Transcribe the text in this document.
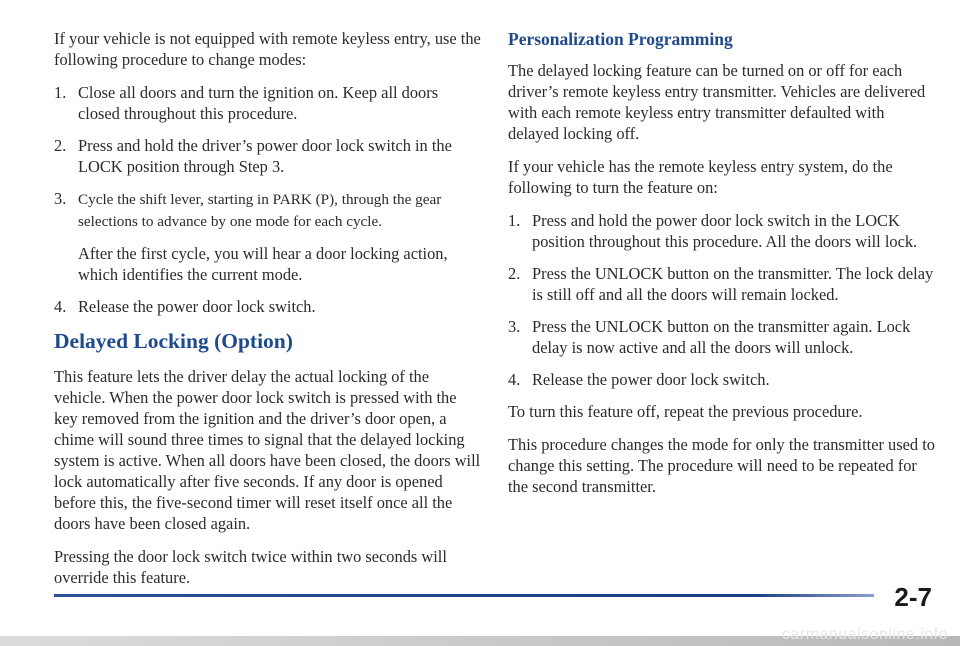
If your vehicle is not equipped with remote keyless entry, use the following procedure to change modes:

1. Close all doors and turn the ignition on. Keep all doors closed throughout this procedure.
2. Press and hold the driver’s power door lock switch in the LOCK position through Step 3.
3. Cycle the shift lever, starting in PARK (P), through the gear selections to advance by one mode for each cycle.
After the first cycle, you will hear a door locking action, which identifies the current mode.
4. Release the power door lock switch.
Delayed Locking (Option)

This feature lets the driver delay the actual locking of the vehicle. When the power door lock switch is pressed with the key removed from the ignition and the driver’s door open, a chime will sound three times to signal that the delayed locking system is active. When all doors have been closed, the doors will lock automatically after five seconds. If any door is opened before this, the five-second timer will reset itself once all the doors have been closed again.

Pressing the door lock switch twice within two seconds will override this feature.

Personalization Programming

The delayed locking feature can be turned on or off for each driver’s remote keyless entry transmitter. Vehicles are delivered with each remote keyless entry transmitter defaulted with delayed locking off.

If your vehicle has the remote keyless entry system, do the following to turn the feature on:

1. Press and hold the power door lock switch in the LOCK position throughout this procedure. All the doors will lock.
2. Press the UNLOCK button on the transmitter. The lock delay is still off and all the doors will remain locked.
3. Press the UNLOCK button on the transmitter again. Lock delay is now active and all the doors will unlock.
4. Release the power door lock switch.

To turn this feature off, repeat the previous procedure.

This procedure changes the mode for only the transmitter used to change this setting. The procedure will need to be repeated for the second transmitter.

2-7
carmanualsonline.info
